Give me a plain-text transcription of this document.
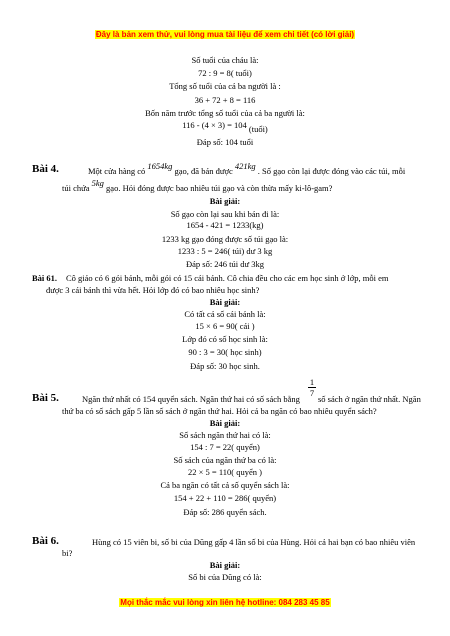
Đây là bản xem thử, vui lòng mua tài liệu để xem chi tiết (có lời giải)
Số tuổi của cháu là:
72 : 9 = 8( tuổi)
Tổng số tuổi của cả ba người là :
36 + 72 + 8 = 116
Bốn năm trước tổng số tuổi của cả ba người là:
116 - (4 × 3) = 104 (tuổi)
Đáp số: 104 tuổi
Bài 4.	Một cửa hàng có 1654kg gạo, đã bán được 421kg . Số gạo còn lại được đóng vào các túi, mỗi
túi chứa 5kg gạo. Hỏi đóng được bao nhiêu túi gạo và còn thừa mấy ki-lô-gam?
Bài giải:
Số gạo còn lại sau khi bán đi là:
1654 - 421 = 1233(kg)
1233 kg gạo đóng được số túi gạo là:
1233 : 5 = 246( túi) dư 3 kg
Đáp số: 246 túi dư 3kg
Bài 61. Cô giáo có 6 gói bánh, mỗi gói có 15 cái bánh. Cô chia đều cho các em học sinh ở lớp, mỗi em
được 3 cái bánh thì vừa hết. Hỏi lớp đó có bao nhiêu học sinh?
Bài giải:
Có tất cả số cái bánh là:
15 × 6 = 90( cái )
Lớp đó có số học sinh là:
90 : 3 = 30( học sinh)
Đáp số: 30 học sinh.
Bài 5.	Ngăn thứ nhất có 154 quyển sách. Ngăn thứ hai có số sách bằng
$\frac{1}{7}$
số sách ở ngăn thứ nhất. Ngăn
thứ ba có số sách gấp 5 lần số sách ở ngăn thứ hai. Hỏi cả ba ngăn có bao nhiêu quyển sách?
Bài giải:
Số sách ngăn thứ hai có là:
154 : 7 = 22( quyển)
Số sách của ngăn thứ ba có là:
22 × 5 = 110( quyển )
Cả ba ngăn có tất cả số quyển sách là:
154 + 22 + 110 = 286( quyển)
Đáp số: 286 quyển sách.
Bài 6.	Hùng có 15 viên bi, số bi của Dũng gấp 4 lần số bi của Hùng. Hỏi cả hai bạn có bao nhiêu viên
bi?
Bài giải:
Số bi của Dũng có là:
Mọi thắc mắc vui lòng xin liên hệ hotline: 084 283 45 85
